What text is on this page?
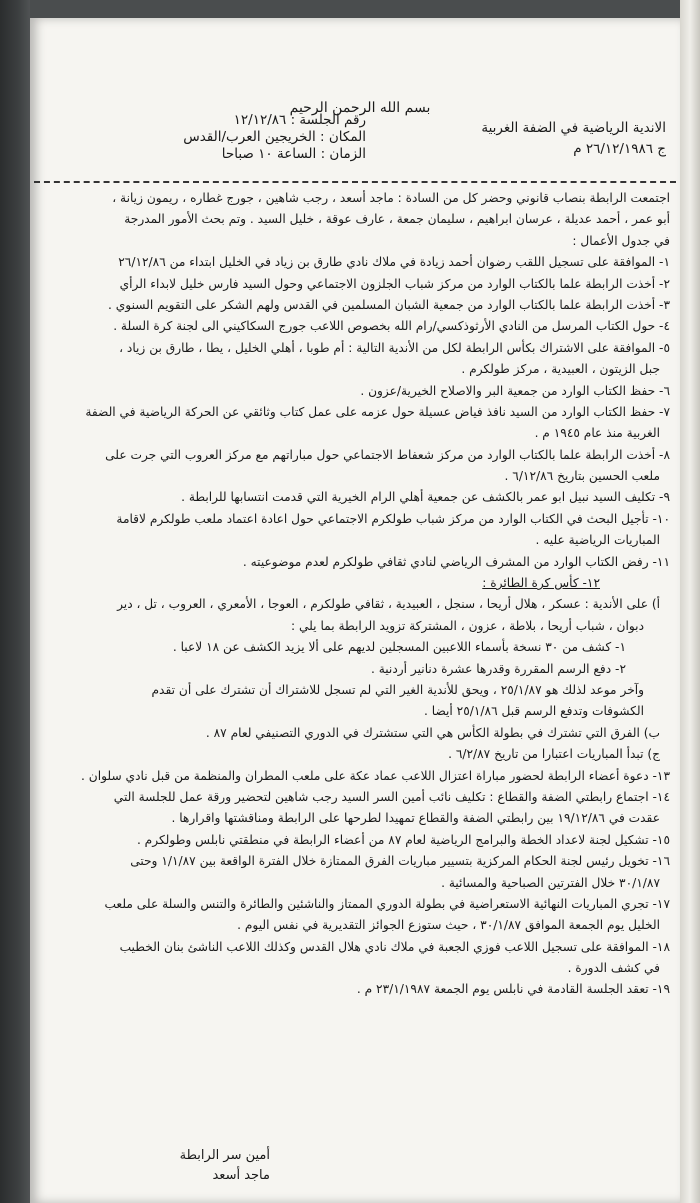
بسم الله الرحمن الرحيم
الاندية الرياضية في الضفة الغربية
ج ٢٦/١٢/١٩٨٦ م
رقم الجلسة : ١٢/١٢/٨٦
المكان : الخريجين العرب/القدس
الزمان : الساعة ١٠ صباحا
اجتمعت الرابطة بنصاب قانوني وحضر كل من السادة : ماجد أسعد ، رجب شاهين ، جورج غطاره ، ريمون زيانة ،
أبو عمر ، أحمد عديلة ، عرسان ابراهيم ، سليمان جمعة ، عارف عوقة ، خليل السيد . وتم بحث الأمور المدرجة
في جدول الأعمال :
١- الموافقة على تسجيل اللقب رضوان أحمد زيادة في ملاك نادي طارق بن زياد في الخليل ابتداء من ٢٦/١٢/٨٦
٢- أخذت الرابطة علما بالكتاب الوارد من مركز شباب الجلزون الاجتماعي وحول السيد فارس خليل لابداء الرأي
٣- أخذت الرابطة علما بالكتاب الوارد من جمعية الشبان المسلمين في القدس ولهم الشكر على التقويم السنوي .
٤- حول الكتاب المرسل من النادي الأرثوذكسي/رام الله بخصوص اللاعب جورج السكاكيني الى لجنة كرة السلة .
٥- الموافقة على الاشتراك بكأس الرابطة لكل من الأندية التالية : أم طوبا ، أهلي الخليل ، يطا ، طارق بن زياد ،
جبل الزيتون ، العبيدية ، مركز طولكرم .
٦- حفظ الكتاب الوارد من جمعية البر والاصلاح الخيرية/عزون .
٧- حفظ الكتاب الوارد من السيد نافذ فياض عسيلة حول عزمه على عمل كتاب وثائقي عن الحركة الرياضية في الضفة
الغربية منذ عام ١٩٤٥ م .
٨- أخذت الرابطة علما بالكتاب الوارد من مركز شعفاط الاجتماعي حول مباراتهم مع مركز العروب التي جرت على
ملعب الحسين بتاريخ ٦/١٢/٨٦ .
٩- تكليف السيد نبيل ابو عمر بالكشف عن جمعية أهلي الرام الخيرية التي قدمت انتسابها للرابطة .
١٠- تأجيل البحث في الكتاب الوارد من مركز شباب طولكرم الاجتماعي حول اعادة اعتماد ملعب طولكرم لاقامة
المباريات الرياضية عليه .
١١- رفض الكتاب الوارد من المشرف الرياضي لنادي ثقافي طولكرم لعدم موضوعيته .
١٢- كأس كرة الطائرة :
أ) على الأندية : عسكر ، هلال أريحا ، سنجل ، العبيدية ، ثقافي طولكرم ، العوجا ، الأمعري ، العروب ، تل ، دير
دبوان ، شباب أريحا ، بلاطة ، عزون ، المشتركة تزويد الرابطة بما يلي :
١- كشف من ٣٠ نسخة بأسماء اللاعبين المسجلين لديهم على ألا يزيد الكشف عن ١٨ لاعبا .
٢- دفع الرسم المقررة وقدرها عشرة دنانير أردنية .
وآخر موعد لذلك هو ٢٥/١/٨٧ ، ويحق للأندية الغير التي لم تسجل للاشتراك أن تشترك على أن تقدم
الكشوفات وتدفع الرسم قبل ٢٥/١/٨٦ أيضا .
ب) الفرق التي تشترك في بطولة الكأس هي التي ستشترك في الدوري التصنيفي لعام ٨٧ .
ج) تبدأ المباريات اعتبارا من تاريخ ٦/٢/٨٧ .
١٣- دعوة أعضاء الرابطة لحضور مباراة اعتزال اللاعب عماد عكة على ملعب المطران والمنظمة من قبل نادي سلوان .
١٤- اجتماع رابطتي الضفة والقطاع : تكليف نائب أمين السر السيد رجب شاهين لتحضير ورقة عمل للجلسة التي
عقدت في ١٩/١٢/٨٦ بين رابطتي الضفة والقطاع تمهيدا لطرحها على الرابطة ومناقشتها واقرارها .
١٥- تشكيل لجنة لاعداد الخطة والبرامج الرياضية لعام ٨٧ من أعضاء الرابطة في منطقتي نابلس وطولكرم .
١٦- تخويل رئيس لجنة الحكام المركزية بتسيير مباريات الفرق الممتازة خلال الفترة الواقعة بين ١/١/٨٧ وحتى
٣٠/١/٨٧ خلال الفترتين الصباحية والمسائية .
١٧- تجري المباريات النهائية الاستعراضية في بطولة الدوري الممتاز والناشئين والطائرة والتنس والسلة على ملعب
الخليل يوم الجمعة الموافق ٣٠/١/٨٧ ، حيث ستوزع الجوائز التقديرية في نفس اليوم .
١٨- الموافقة على تسجيل اللاعب فوزي الجعبة في ملاك نادي هلال القدس وكذلك اللاعب الناشئ بنان الخطيب
في كشف الدورة .
١٩- تعقد الجلسة القادمة في نابلس يوم الجمعة ٢٣/١/١٩٨٧ م .
أمين سر الرابطة
ماجد أسعد
